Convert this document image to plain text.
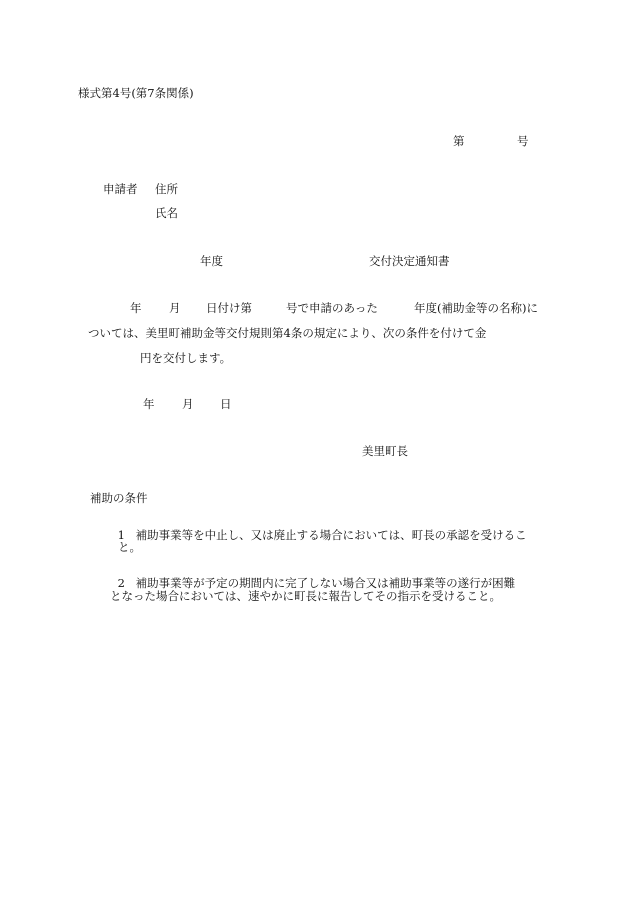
様式第4号(第7条関係)
第	号
申請者 住所
氏名
年度	交付決定通知書
年 月 日付け第	号で申請のあった	年度(補助金等の名称)に
ついては、美里町補助金等交付規則第4条の規定により、次の条件を付けて金
円を交付します。
年 月 日
美里町長
補助の条件

1 補助事業等を中止し、又は廃止する場合においては、町長の承認を受けるこ

と。

2 補助事業等が予定の期間内に完了しない場合又は補助事業等の遂行が困難

となった場合においては、速やかに町長に報告してその指示を受けること。
